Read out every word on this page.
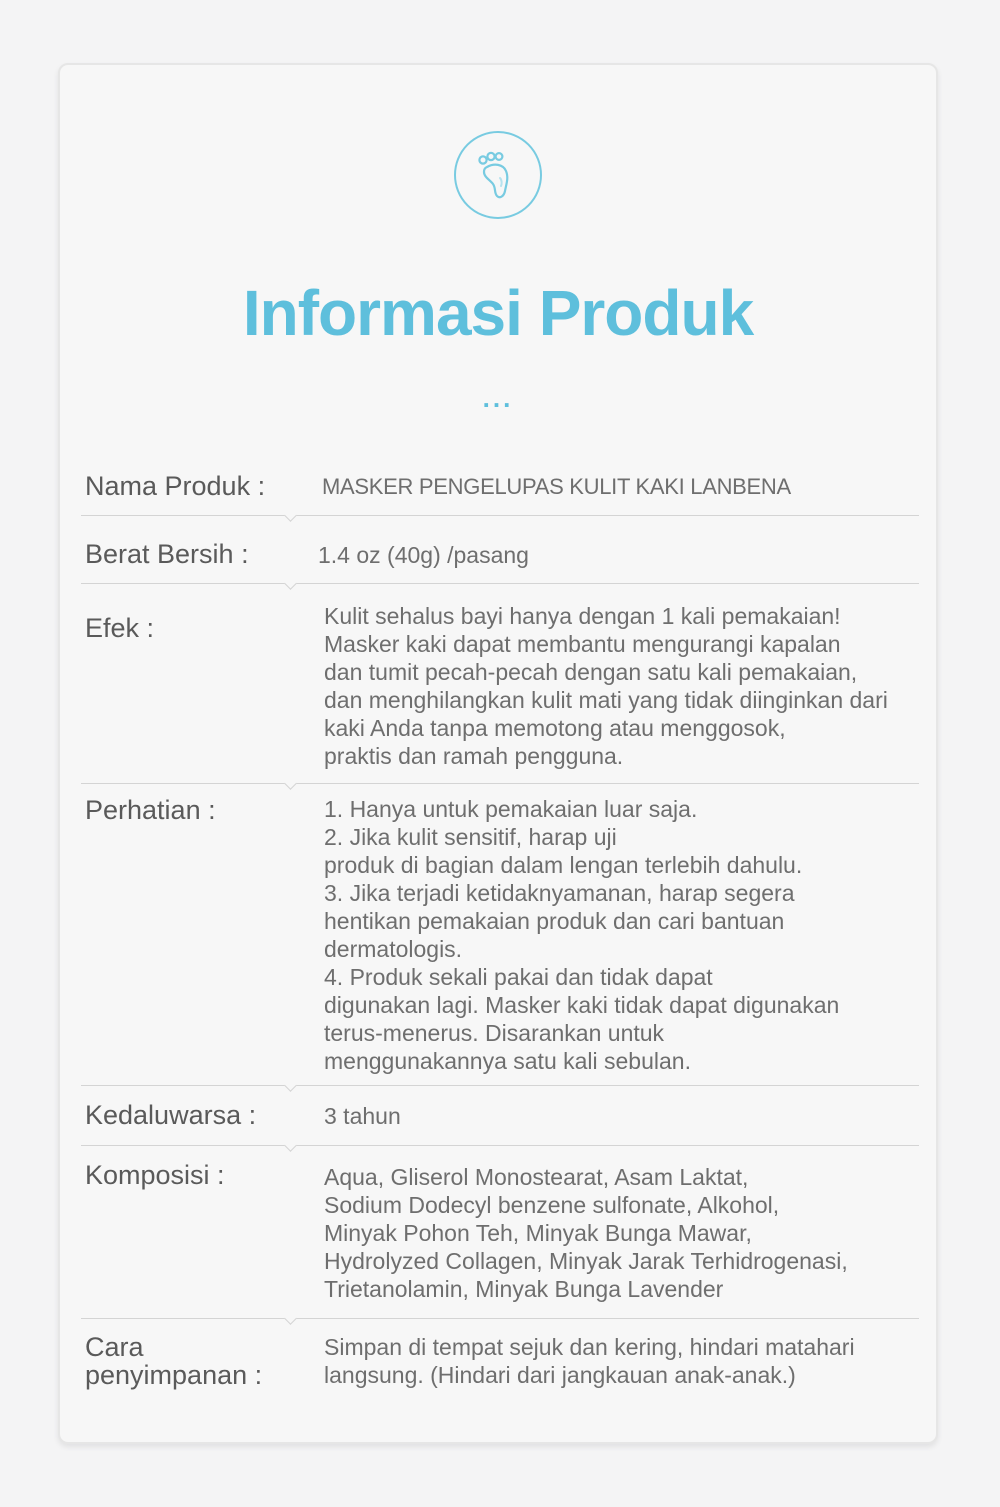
Informasi Produk
...
Nama Produk :	MASKER PENGELUPAS KULIT KAKI LANBENA
Berat Bersih :	1.4 oz (40g) /pasang
Efek :	Kulit sehalus bayi hanya dengan 1 kali pemakaian!
Masker kaki dapat membantu mengurangi kapalan
dan tumit pecah-pecah dengan satu kali pemakaian,
dan menghilangkan kulit mati yang tidak diinginkan dari
kaki Anda tanpa memotong atau menggosok,
praktis dan ramah pengguna.
Perhatian :	1. Hanya untuk pemakaian luar saja.
2. Jika kulit sensitif, harap uji
produk di bagian dalam lengan terlebih dahulu.
3. Jika terjadi ketidaknyamanan, harap segera
hentikan pemakaian produk dan cari bantuan
dermatologis.
4. Produk sekali pakai dan tidak dapat
digunakan lagi. Masker kaki tidak dapat digunakan
terus-menerus. Disarankan untuk
menggunakannya satu kali sebulan.
Kedaluwarsa :	3 tahun
Komposisi :	Aqua, Gliserol Monostearat, Asam Laktat,
Sodium Dodecyl benzene sulfonate, Alkohol,
Minyak Pohon Teh, Minyak Bunga Mawar,
Hydrolyzed Collagen, Minyak Jarak Terhidrogenasi,
Trietanolamin, Minyak Bunga Lavender
Cara
penyimpanan :
Simpan di tempat sejuk dan kering, hindari matahari
langsung. (Hindari dari jangkauan anak-anak.)
